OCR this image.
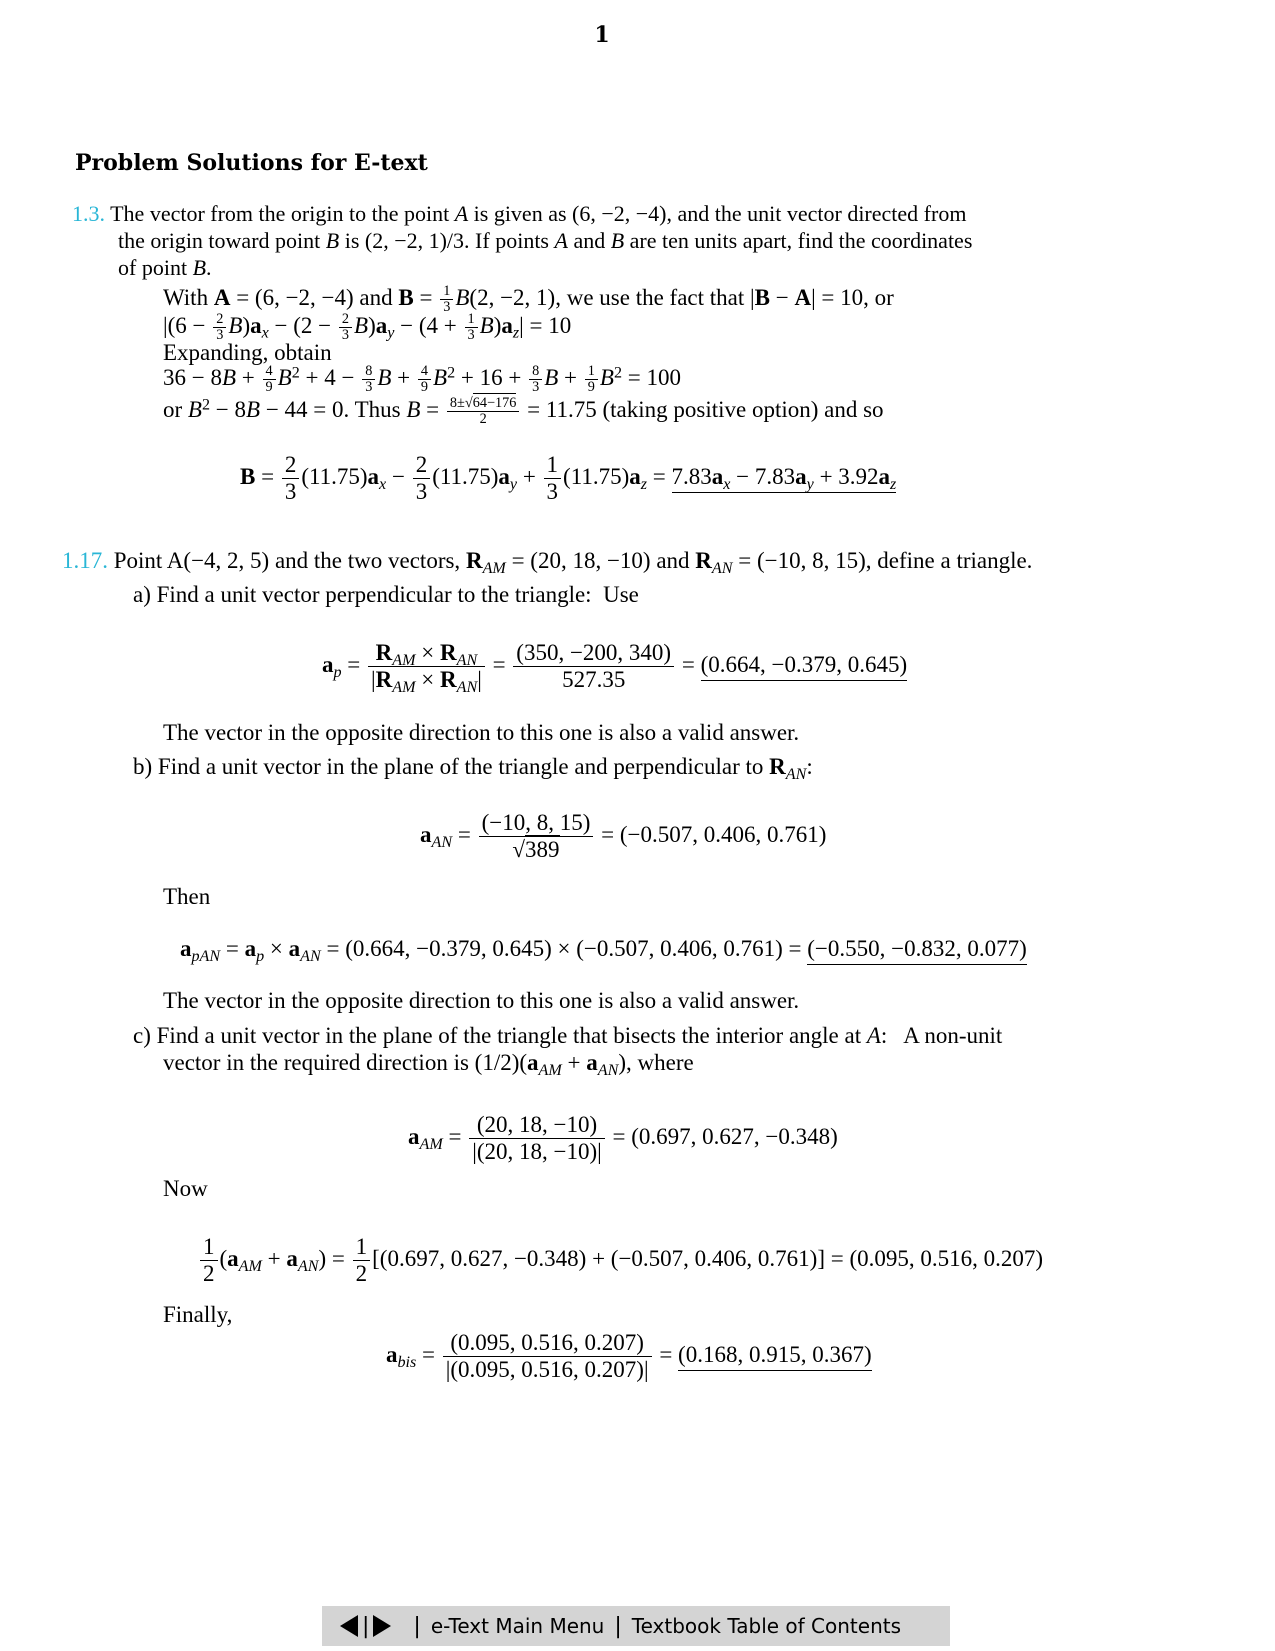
1
Problem Solutions for E-text
1.3. The vector from the origin to the point A is given as (6, −2, −4), and the unit vector directed from
the origin toward point B is (2, −2, 1)/3. If points A and B are ten units apart, find the coordinates
of point B.
With A = (6, −2, −4) and $B = \frac{1}{3} B(2$, −2, 1), we use the fact that |B − A| = 10, or
$|(6 - \frac{2}{3} B)a_x - (2 - \frac{2}{3} B)a_y - (4 + \frac{1}{3} B)a_z| = 10$
Expanding, obtain
$36 - 8B + \frac{4}{9} B^2 + 4 - \frac{8}{3}$ $B + \frac{4}{9} B^2 + 16 + \frac{8}{3}$ $B + \frac{1}{9} B^2 = 100$
or $B^2 - 8B - 44 = 0$. Thus $B = \frac{8\pm√64-176}{2} = 11.75$ (taking positive option) and so
$B = \frac{2}{3} (11.75)a_x - \frac{2}{3} (11.75)a_y + \frac{1}{3} (11.75)a_z = 7.83a_x - 7.83a_y + 3.92a_z$
1.17. Point A(−4, 2, 5) and the two vectors, $R_{AM} = (20$, 18, −10) and $R_{AN} = (-10$, 8, 15), define a triangle.
a) Find a unit vector perpendicular to the triangle: Use
$a_p = \frac{R_{AM} \times R_{AN}}{|R_{AM} \times R_{AN}|} = \frac{(350, -200, 340)}{527.35} = (0.664$, −0.379, 0.645)
The vector in the opposite direction to this one is also a valid answer.
b) Find a unit vector in the plane of the triangle and perpendicular to $R_{AN}$:
$a_{AN} = \frac{(-10, 8, 15)}{√389} = (-0.507$, 0.406, 0.761)
Then
$a_{pAN} = a_p \times a_{AN} = (0.664$, −0.379, 0.645) × (−0.507, 0.406, 0.761) = (−0.550, −0.832, 0.077)
The vector in the opposite direction to this one is also a valid answer.
c) Find a unit vector in the plane of the triangle that bisects the interior angle at A:   A non-unit
vector in the required direction is $(1/2)(a_{AM} + a_{AN})$, where
$a_{AM} = \frac{(20, 18, -10)}{|(20, 18, -10)|} = (0.697$, 0.627, −0.348)
Now
$\frac{1}{2} (a_{AM} + a_{AN}) = \frac{1}{2} [(0.697$, 0.627, −0.348) + (−0.507, 0.406, 0.761)] = (0.095, 0.516, 0.207)
Finally,
$a_{bis} = \frac{(0.095, 0.516, 0.207)}{|(0.095, 0.516, 0.207)|} = (0.168$, 0.915, 0.367)
| | e-Text Main Menu | Textbook Table of Contents
